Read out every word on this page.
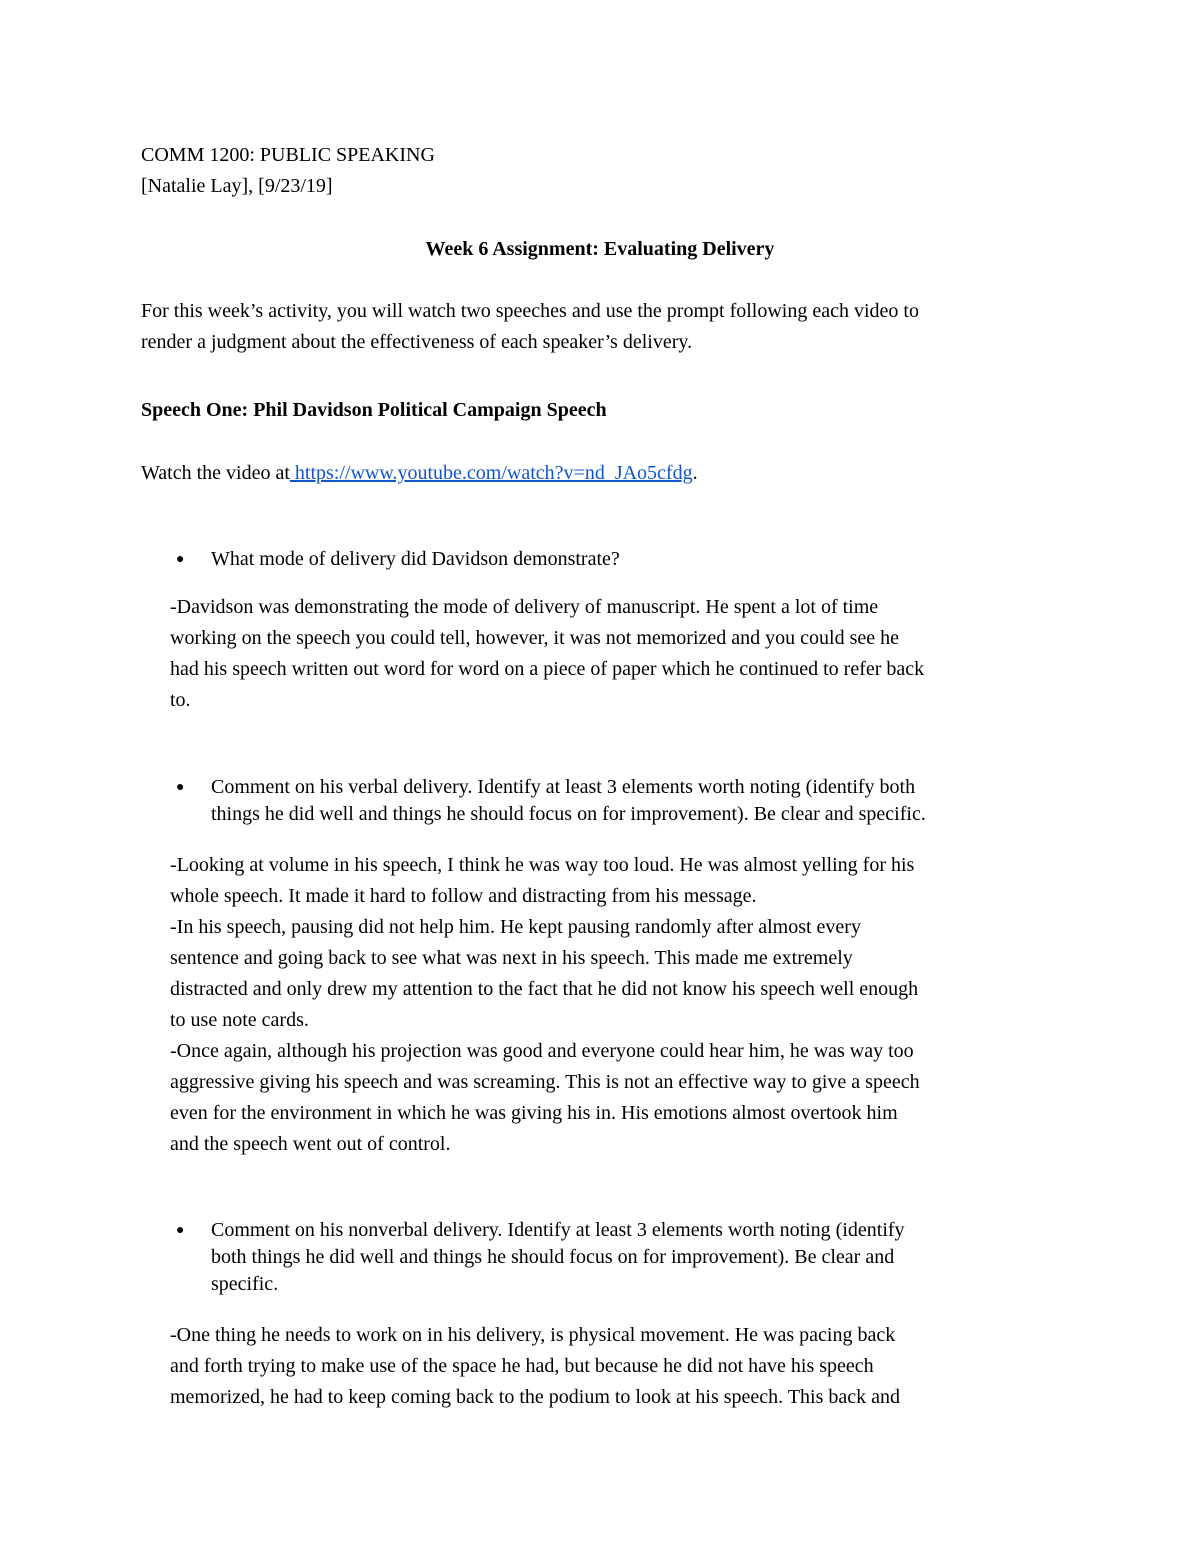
COMM 1200: PUBLIC SPEAKING
[Natalie Lay], [9/23/19]
Week 6 Assignment: Evaluating Delivery
For this week’s activity, you will watch two speeches and use the prompt following each video to
render a judgment about the effectiveness of each speaker’s delivery.
Speech One: Phil Davidson Political Campaign Speech
Watch the video at https://www.youtube.com/watch?v=nd_JAo5cfdg.
●	What mode of delivery did Davidson demonstrate?
-Davidson was demonstrating the mode of delivery of manuscript. He spent a lot of time
working on the speech you could tell, however, it was not memorized and you could see he
had his speech written out word for word on a piece of paper which he continued to refer back
to.
●	Comment on his verbal delivery. Identify at least 3 elements worth noting (identify both
things he did well and things he should focus on for improvement). Be clear and specific.
-Looking at volume in his speech, I think he was way too loud. He was almost yelling for his
whole speech. It made it hard to follow and distracting from his message.
-In his speech, pausing did not help him. He kept pausing randomly after almost every
sentence and going back to see what was next in his speech. This made me extremely
distracted and only drew my attention to the fact that he did not know his speech well enough
to use note cards.
-Once again, although his projection was good and everyone could hear him, he was way too
aggressive giving his speech and was screaming. This is not an effective way to give a speech
even for the environment in which he was giving his in. His emotions almost overtook him
and the speech went out of control.
●	Comment on his nonverbal delivery. Identify at least 3 elements worth noting (identify
both things he did well and things he should focus on for improvement). Be clear and
specific.
-One thing he needs to work on in his delivery, is physical movement. He was pacing back
and forth trying to make use of the space he had, but because he did not have his speech
memorized, he had to keep coming back to the podium to look at his speech. This back and
